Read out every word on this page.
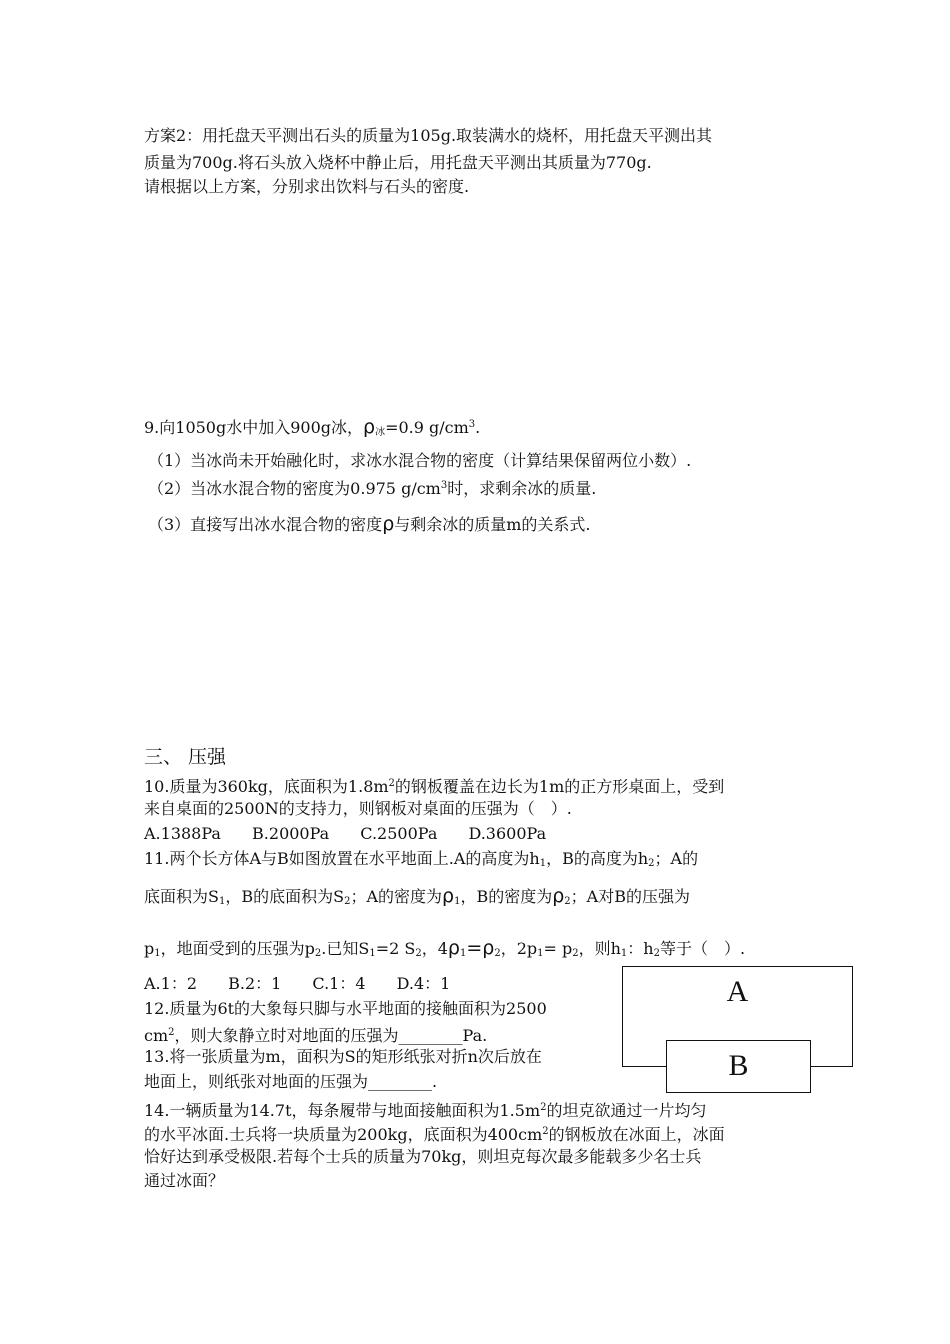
方案2：用托盘天平测出石头的质量为105g.取装满水的烧杯，用托盘天平测出其
质量为700g.将石头放入烧杯中静止后，用托盘天平测出其质量为770g.
请根据以上方案，分别求出饮料与石头的密度.
9.向1050g水中加入900g冰，$\rho_冰=0.9$ $g/cm^3$.
（1）当冰尚未开始融化时，求冰水混合物的密度（计算结果保留两位小数）.
（2）当冰水混合物的密度为0.975 $g/cm^3$时，求剩余冰的质量.
（3）直接写出冰水混合物的密度ρ与剩余冰的质量m的关系式.
三、 压强
10.质量为360kg，底面积为$1.8m^2$的钢板覆盖在边长为1m的正方形桌面上，受到
来自桌面的2500N的支持力，则钢板对桌面的压强为（　）.
A.1388Pa B.2000Pa C.2500Pa D.3600Pa
11.两个长方体A与B如图放置在水平地面上.A的高度为$h_1$，B的高度为$h_2$；A的
底面积为$S_1$，B的底面积为$S_2$；A的密度为$\rho_1$，B的密度为$\rho_2$；A对B的压强为
$p_1$，地面受到的压强为$p_2$.已知$S_1=2$ $S_2$，$4\rho_1=\rho_2$，$2p_1= p_2$，则$h_1$：$h_2$等于（　）.
A.1：2 B.2：1 C.1：4 D.4：1
12.质量为6t的大象每只脚与水平地面的接触面积为2500
$cm^2$，则大象静立时对地面的压强为________Pa.
13.将一张质量为m，面积为S的矩形纸张对折n次后放在
地面上，则纸张对地面的压强为________.
A
B
14.一辆质量为14.7t，每条履带与地面接触面积为$1.5m^2$的坦克欲通过一片均匀
的水平冰面.士兵将一块质量为200kg，底面积为$400cm^2$的钢板放在冰面上，冰面
恰好达到承受极限.若每个士兵的质量为70kg，则坦克每次最多能载多少名士兵
通过冰面？
